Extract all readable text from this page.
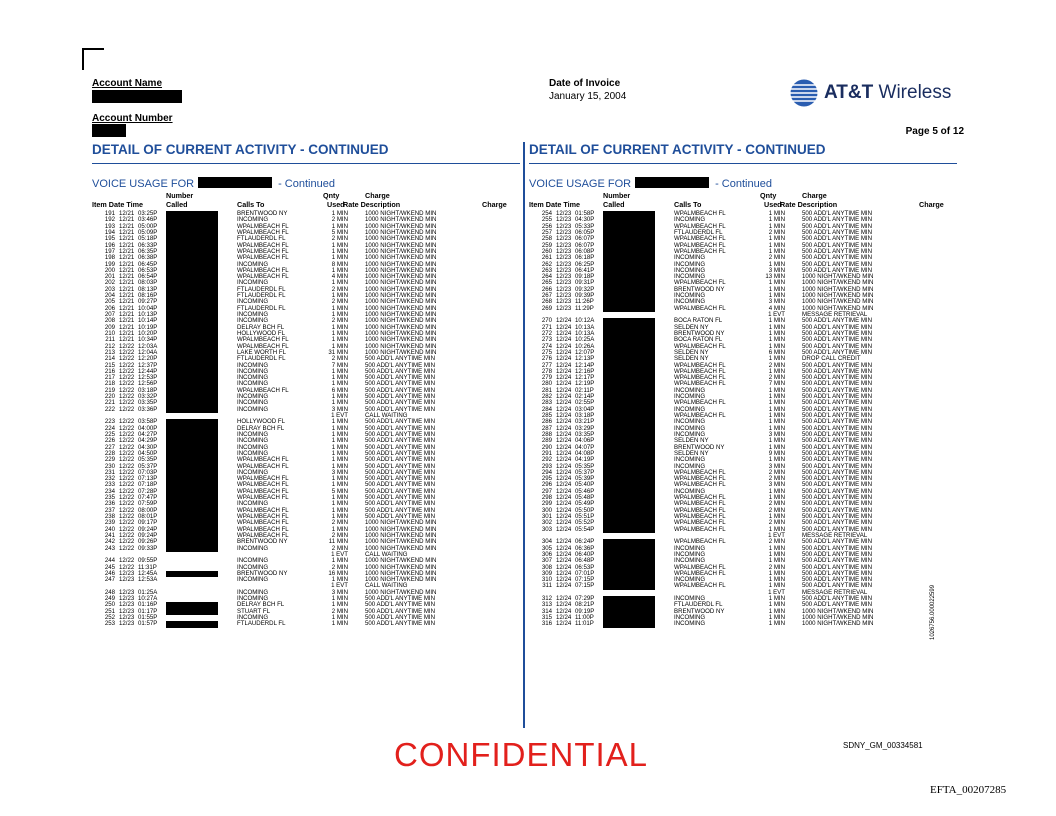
Account Name
Account Number
Date of Invoice
January 15, 2004	AT&T Wireless
Page 5 of 12
DETAIL OF CURRENT ACTIVITY - CONTINUED
VOICE USAGE FOR	- Continued
Number	Qnty	Charge
Item Date Time	Called	Calls To	Used
Rate Description	Charge
191 12/21 03:25P	BRENTWOOD NY	1 MIN	1000 NIGHT/WKEND MIN
192 12/21 03:46P	INCOMING	2 MIN	1000 NIGHT/WKEND MIN
193 12/21 05:00P	WPALMBEACH FL	1 MIN	1000 NIGHT/WKEND MIN
194 12/21 05:09P	WPALMBEACH FL	5 MIN	1000 NIGHT/WKEND MIN
195 12/21 05:18P	FTLAUDERDL FL	2 MIN	1000 NIGHT/WKEND MIN
196 12/21 06:33P	WPALMBEACH FL	1 MIN	1000 NIGHT/WKEND MIN
197 12/21 06:35P	WPALMBEACH FL	1 MIN	1000 NIGHT/WKEND MIN
198 12/21 06:38P	WPALMBEACH FL	1 MIN	1000 NIGHT/WKEND MIN
199 12/21 06:45P	INCOMING	8 MIN	1000 NIGHT/WKEND MIN
200 12/21 06:53P	WPALMBEACH FL	1 MIN	1000 NIGHT/WKEND MIN
201 12/21 06:54P	WPALMBEACH FL	4 MIN	1000 NIGHT/WKEND MIN
202 12/21 08:03P	INCOMING	1 MIN	1000 NIGHT/WKEND MIN
203 12/21 08:13P	FTLAUDERDL FL	2 MIN	1000 NIGHT/WKEND MIN
204 12/21 08:16P	FTLAUDERDL FL	1 MIN	1000 NIGHT/WKEND MIN
205 12/21 09:27P	INCOMING	2 MIN	1000 NIGHT/WKEND MIN
206 12/21 10:04P	FTLAUDERDL FL	1 MIN	1000 NIGHT/WKEND MIN
207 12/21 10:13P	INCOMING	1 MIN	1000 NIGHT/WKEND MIN
208 12/21 10:14P	INCOMING	2 MIN	1000 NIGHT/WKEND MIN
209 12/21 10:19P	DELRAY BCH FL	1 MIN	1000 NIGHT/WKEND MIN
210 12/21 10:20P	HOLLYWOOD FL	1 MIN	1000 NIGHT/WKEND MIN
211 12/21 10:34P	WPALMBEACH FL	1 MIN	1000 NIGHT/WKEND MIN
212 12/22 12:03A	WPALMBEACH FL	1 MIN	1000 NIGHT/WKEND MIN
213 12/22 12:04A	LAKE WORTH FL	31 MIN	1000 NIGHT/WKEND MIN
214 12/22 12:20P	FTLAUDERDL FL	2 MIN	500 ADD'L ANYTIME MIN
215 12/22 12:37P	INCOMING	7 MIN	500 ADD'L ANYTIME MIN
216 12/22 12:44P	INCOMING	1 MIN	500 ADD'L ANYTIME MIN
217 12/22 12:53P	INCOMING	1 MIN	500 ADD'L ANYTIME MIN
218 12/22 12:56P	INCOMING	1 MIN	500 ADD'L ANYTIME MIN
219 12/22 03:18P	WPALMBEACH FL	6 MIN	500 ADD'L ANYTIME MIN
220 12/22 03:32P	INCOMING	1 MIN	500 ADD'L ANYTIME MIN
221 12/22 03:35P	INCOMING	1 MIN	500 ADD'L ANYTIME MIN
222 12/22 03:36P	INCOMING	3 MIN	500 ADD'L ANYTIME MIN
1 EVT	CALL WAITING
223 12/22 03:58P	HOLLYWOOD FL	1 MIN	500 ADD'L ANYTIME MIN
224 12/22 04:00P	DELRAY BCH FL	1 MIN	500 ADD'L ANYTIME MIN
225 12/22 04:27P	INCOMING	1 MIN	500 ADD'L ANYTIME MIN
226 12/22 04:29P	INCOMING	1 MIN	500 ADD'L ANYTIME MIN
227 12/22 04:30P	INCOMING	1 MIN	500 ADD'L ANYTIME MIN
228 12/22 04:50P	INCOMING	1 MIN	500 ADD'L ANYTIME MIN
229 12/22 05:35P	WPALMBEACH FL	1 MIN	500 ADD'L ANYTIME MIN
230 12/22 05:37P	WPALMBEACH FL	1 MIN	500 ADD'L ANYTIME MIN
231 12/22 07:03P	INCOMING	3 MIN	500 ADD'L ANYTIME MIN
232 12/22 07:13P	WPALMBEACH FL	1 MIN	500 ADD'L ANYTIME MIN
233 12/22 07:18P	WPALMBEACH FL	1 MIN	500 ADD'L ANYTIME MIN
234 12/22 07:28P	WPALMBEACH FL	5 MIN	500 ADD'L ANYTIME MIN
235 12/22 07:47P	WPALMBEACH FL	1 MIN	500 ADD'L ANYTIME MIN
236 12/22 07:59P	INCOMING	1 MIN	500 ADD'L ANYTIME MIN
237 12/22 08:00P	WPALMBEACH FL	1 MIN	500 ADD'L ANYTIME MIN
238 12/22 08:01P	WPALMBEACH FL	1 MIN	500 ADD'L ANYTIME MIN
239 12/22 09:17P	WPALMBEACH FL	2 MIN	1000 NIGHT/WKEND MIN
240 12/22 09:24P	WPALMBEACH FL	1 MIN	1000 NIGHT/WKEND MIN
241 12/22 09:24P	WPALMBEACH FL	2 MIN	1000 NIGHT/WKEND MIN
242 12/22 09:26P	BRENTWOOD NY	11 MIN	1000 NIGHT/WKEND MIN
243 12/22 09:33P	INCOMING	2 MIN	1000 NIGHT/WKEND MIN
1 EVT	CALL WAITING
244 12/22 09:55P	INCOMING	1 MIN	1000 NIGHT/WKEND MIN
245 12/22 11:31P	INCOMING	2 MIN	1000 NIGHT/WKEND MIN
246 12/23 12:45A	BRENTWOOD NY	16 MIN	1000 NIGHT/WKEND MIN
247 12/23 12:53A	INCOMING	1 MIN	1000 NIGHT/WKEND MIN
1 EVT	CALL WAITING
248 12/23 01:25A	INCOMING	3 MIN	1000 NIGHT/WKEND MIN
249 12/23 10:27A	INCOMING	1 MIN	500 ADD'L ANYTIME MIN
250 12/23 01:16P	DELRAY BCH FL	1 MIN	500 ADD'L ANYTIME MIN
251 12/23 01:17P	STUART FL	2 MIN	500 ADD'L ANYTIME MIN
252 12/23 01:55P	INCOMING	1 MIN	500 ADD'L ANYTIME MIN
253 12/23 01:57P	FTLAUDERDL FL	1 MIN	500 ADD'L ANYTIME MIN
DETAIL OF CURRENT ACTIVITY - CONTINUED
VOICE USAGE FOR	- Continued
Number	Qnty	Charge
Item Date Time	Called	Calls To	Used
Rate Description	Charge
254 12/23 01:58P	WPALMBEACH FL	1 MIN	500 ADD'L ANYTIME MIN
255 12/23 04:30P	INCOMING	1 MIN	500 ADD'L ANYTIME MIN
256 12/23 05:33P	WPALMBEACH FL	1 MIN	500 ADD'L ANYTIME MIN
257 12/23 06:05P	FTLAUDERDL FL	2 MIN	500 ADD'L ANYTIME MIN
258 12/23 06:07P	WPALMBEACH FL	1 MIN	500 ADD'L ANYTIME MIN
259 12/23 06:07P	WPALMBEACH FL	1 MIN	500 ADD'L ANYTIME MIN
260 12/23 06:08P	WPALMBEACH FL	1 MIN	500 ADD'L ANYTIME MIN
261 12/23 06:18P	INCOMING	2 MIN	500 ADD'L ANYTIME MIN
262 12/23 06:25P	INCOMING	1 MIN	500 ADD'L ANYTIME MIN
263 12/23 06:41P	INCOMING	3 MIN	500 ADD'L ANYTIME MIN
264 12/23 09:18P	INCOMING	13 MIN	1000 NIGHT/WKEND MIN
265 12/23 09:31P	WPALMBEACH FL	1 MIN	1000 NIGHT/WKEND MIN
266 12/23 09:32P	BRENTWOOD NY	1 MIN	1000 NIGHT/WKEND MIN
267 12/23 09:39P	INCOMING	1 MIN	1000 NIGHT/WKEND MIN
268 12/23 11:26P	INCOMING	3 MIN	1000 NIGHT/WKEND MIN
269 12/23 11:29P	WPALMBEACH FL	4 MIN	1000 NIGHT/WKEND MIN
1 EVT	MESSAGE RETRIEVAL
270 12/24 10:12A	BOCA RATON FL	1 MIN	500 ADD'L ANYTIME MIN
271 12/24 10:13A	SELDEN NY	1 MIN	500 ADD'L ANYTIME MIN
272 12/24 10:13A	BRENTWOOD NY	1 MIN	500 ADD'L ANYTIME MIN
273 12/24 10:25A	BOCA RATON FL	1 MIN	500 ADD'L ANYTIME MIN
274 12/24 10:26A	WPALMBEACH FL	1 MIN	500 ADD'L ANYTIME MIN
275 12/24 12:07P	SELDEN NY	6 MIN	500 ADD'L ANYTIME MIN
276 12/24 12:13P	SELDEN NY	1 MIN	DROP CALL CREDIT
277 12/24 12:14P	WPALMBEACH FL	2 MIN	500 ADD'L ANYTIME MIN
278 12/24 12:16P	WPALMBEACH FL	1 MIN	500 ADD'L ANYTIME MIN
279 12/24 12:17P	WPALMBEACH FL	2 MIN	500 ADD'L ANYTIME MIN
280 12/24 12:19P	WPALMBEACH FL	7 MIN	500 ADD'L ANYTIME MIN
281 12/24 02:11P	INCOMING	1 MIN	500 ADD'L ANYTIME MIN
282 12/24 02:14P	INCOMING	1 MIN	500 ADD'L ANYTIME MIN
283 12/24 02:55P	WPALMBEACH FL	1 MIN	500 ADD'L ANYTIME MIN
284 12/24 03:04P	INCOMING	1 MIN	500 ADD'L ANYTIME MIN
285 12/24 03:18P	WPALMBEACH FL	1 MIN	500 ADD'L ANYTIME MIN
286 12/24 03:21P	INCOMING	1 MIN	500 ADD'L ANYTIME MIN
287 12/24 03:29P	INCOMING	1 MIN	500 ADD'L ANYTIME MIN
288 12/24 03:35P	INCOMING	3 MIN	500 ADD'L ANYTIME MIN
289 12/24 04:06P	SELDEN NY	1 MIN	500 ADD'L ANYTIME MIN
290 12/24 04:07P	BRENTWOOD NY	1 MIN	500 ADD'L ANYTIME MIN
291 12/24 04:08P	SELDEN NY	9 MIN	500 ADD'L ANYTIME MIN
292 12/24 04:19P	INCOMING	1 MIN	500 ADD'L ANYTIME MIN
293 12/24 05:35P	INCOMING	3 MIN	500 ADD'L ANYTIME MIN
294 12/24 05:37P	WPALMBEACH FL	2 MIN	500 ADD'L ANYTIME MIN
295 12/24 05:39P	WPALMBEACH FL	2 MIN	500 ADD'L ANYTIME MIN
296 12/24 05:40P	WPALMBEACH FL	3 MIN	500 ADD'L ANYTIME MIN
297 12/24 05:46P	INCOMING	1 MIN	500 ADD'L ANYTIME MIN
298 12/24 05:48P	WPALMBEACH FL	1 MIN	500 ADD'L ANYTIME MIN
299 12/24 05:49P	WPALMBEACH FL	2 MIN	500 ADD'L ANYTIME MIN
300 12/24 05:50P	WPALMBEACH FL	2 MIN	500 ADD'L ANYTIME MIN
301 12/24 05:51P	WPALMBEACH FL	1 MIN	500 ADD'L ANYTIME MIN
302 12/24 05:52P	WPALMBEACH FL	2 MIN	500 ADD'L ANYTIME MIN
303 12/24 05:54P	WPALMBEACH FL	1 MIN	500 ADD'L ANYTIME MIN
1 EVT	MESSAGE RETRIEVAL
304 12/24 06:24P	WPALMBEACH FL	2 MIN	500 ADD'L ANYTIME MIN
305 12/24 06:36P	INCOMING	1 MIN	500 ADD'L ANYTIME MIN
306 12/24 06:40P	INCOMING	1 MIN	500 ADD'L ANYTIME MIN
307 12/24 06:48P	INCOMING	1 MIN	500 ADD'L ANYTIME MIN
308 12/24 06:53P	WPALMBEACH FL	2 MIN	500 ADD'L ANYTIME MIN
309 12/24 07:01P	WPALMBEACH FL	1 MIN	500 ADD'L ANYTIME MIN
310 12/24 07:15P	INCOMING	1 MIN	500 ADD'L ANYTIME MIN
311 12/24 07:15P	WPALMBEACH FL	1 MIN	500 ADD'L ANYTIME MIN
1 EVT	MESSAGE RETRIEVAL
312 12/24 07:29P	INCOMING	1 MIN	500 ADD'L ANYTIME MIN
313 12/24 08:21P	FTLAUDERDL FL	1 MIN	500 ADD'L ANYTIME MIN
314 12/24 09:19P	BRENTWOOD NY	1 MIN	1000 NIGHT/WKEND MIN
315 12/24 11:00P	INCOMING	1 MIN	1000 NIGHT/WKEND MIN
316 12/24 11:01P	INCOMING	1 MIN	1000 NIGHT/WKEND MIN
CONFIDENTIAL	SDNY_GM_00334581
EFTA_00207285
1026756.000022599
